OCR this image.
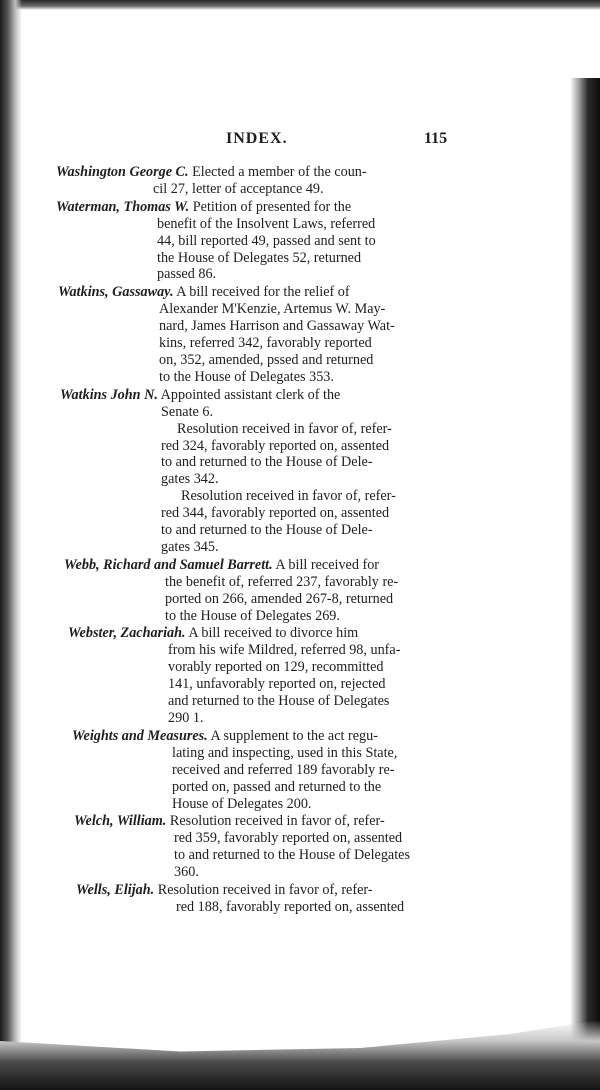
INDEX.	115
Washington George C. Elected a member of the coun-
cil 27, letter of acceptance 49.
Waterman, Thomas W. Petition of presented for the
benefit of the Insolvent Laws, referred
44, bill reported 49, passed and sent to
the House of Delegates 52, returned
passed 86.
Watkins, Gassaway. A bill received for the relief of
Alexander M'Kenzie, Artemus W. May-
nard, James Harrison and Gassaway Wat-
kins, referred 342, favorably reported
on, 352, amended, pssed and returned
to the House of Delegates 353.
Watkins John N. Appointed assistant clerk of the
Senate 6.
Resolution received in favor of, refer-
red 324, favorably reported on, assented
to and returned to the House of Dele-
gates 342.
Resolution received in favor of, refer-
red 344, favorably reported on, assented
to and returned to the House of Dele-
gates 345.
Webb, Richard and Samuel Barrett. A bill received for
the benefit of, referred 237, favorably re-
ported on 266, amended 267-8, returned
to the House of Delegates 269.
Webster, Zachariah. A bill received to divorce him
from his wife Mildred, referred 98, unfa-
vorably reported on 129, recommitted
141, unfavorably reported on, rejected
and returned to the House of Delegates
290 1.
Weights and Measures. A supplement to the act regu-
lating and inspecting, used in this State,
received and referred 189 favorably re-
ported on, passed and returned to the
House of Delegates 200.
Welch, William. Resolution received in favor of, refer-
red 359, favorably reported on, assented
to and returned to the House of Delegates
360.
Wells, Elijah. Resolution received in favor of, refer-
red 188, favorably reported on, assented
